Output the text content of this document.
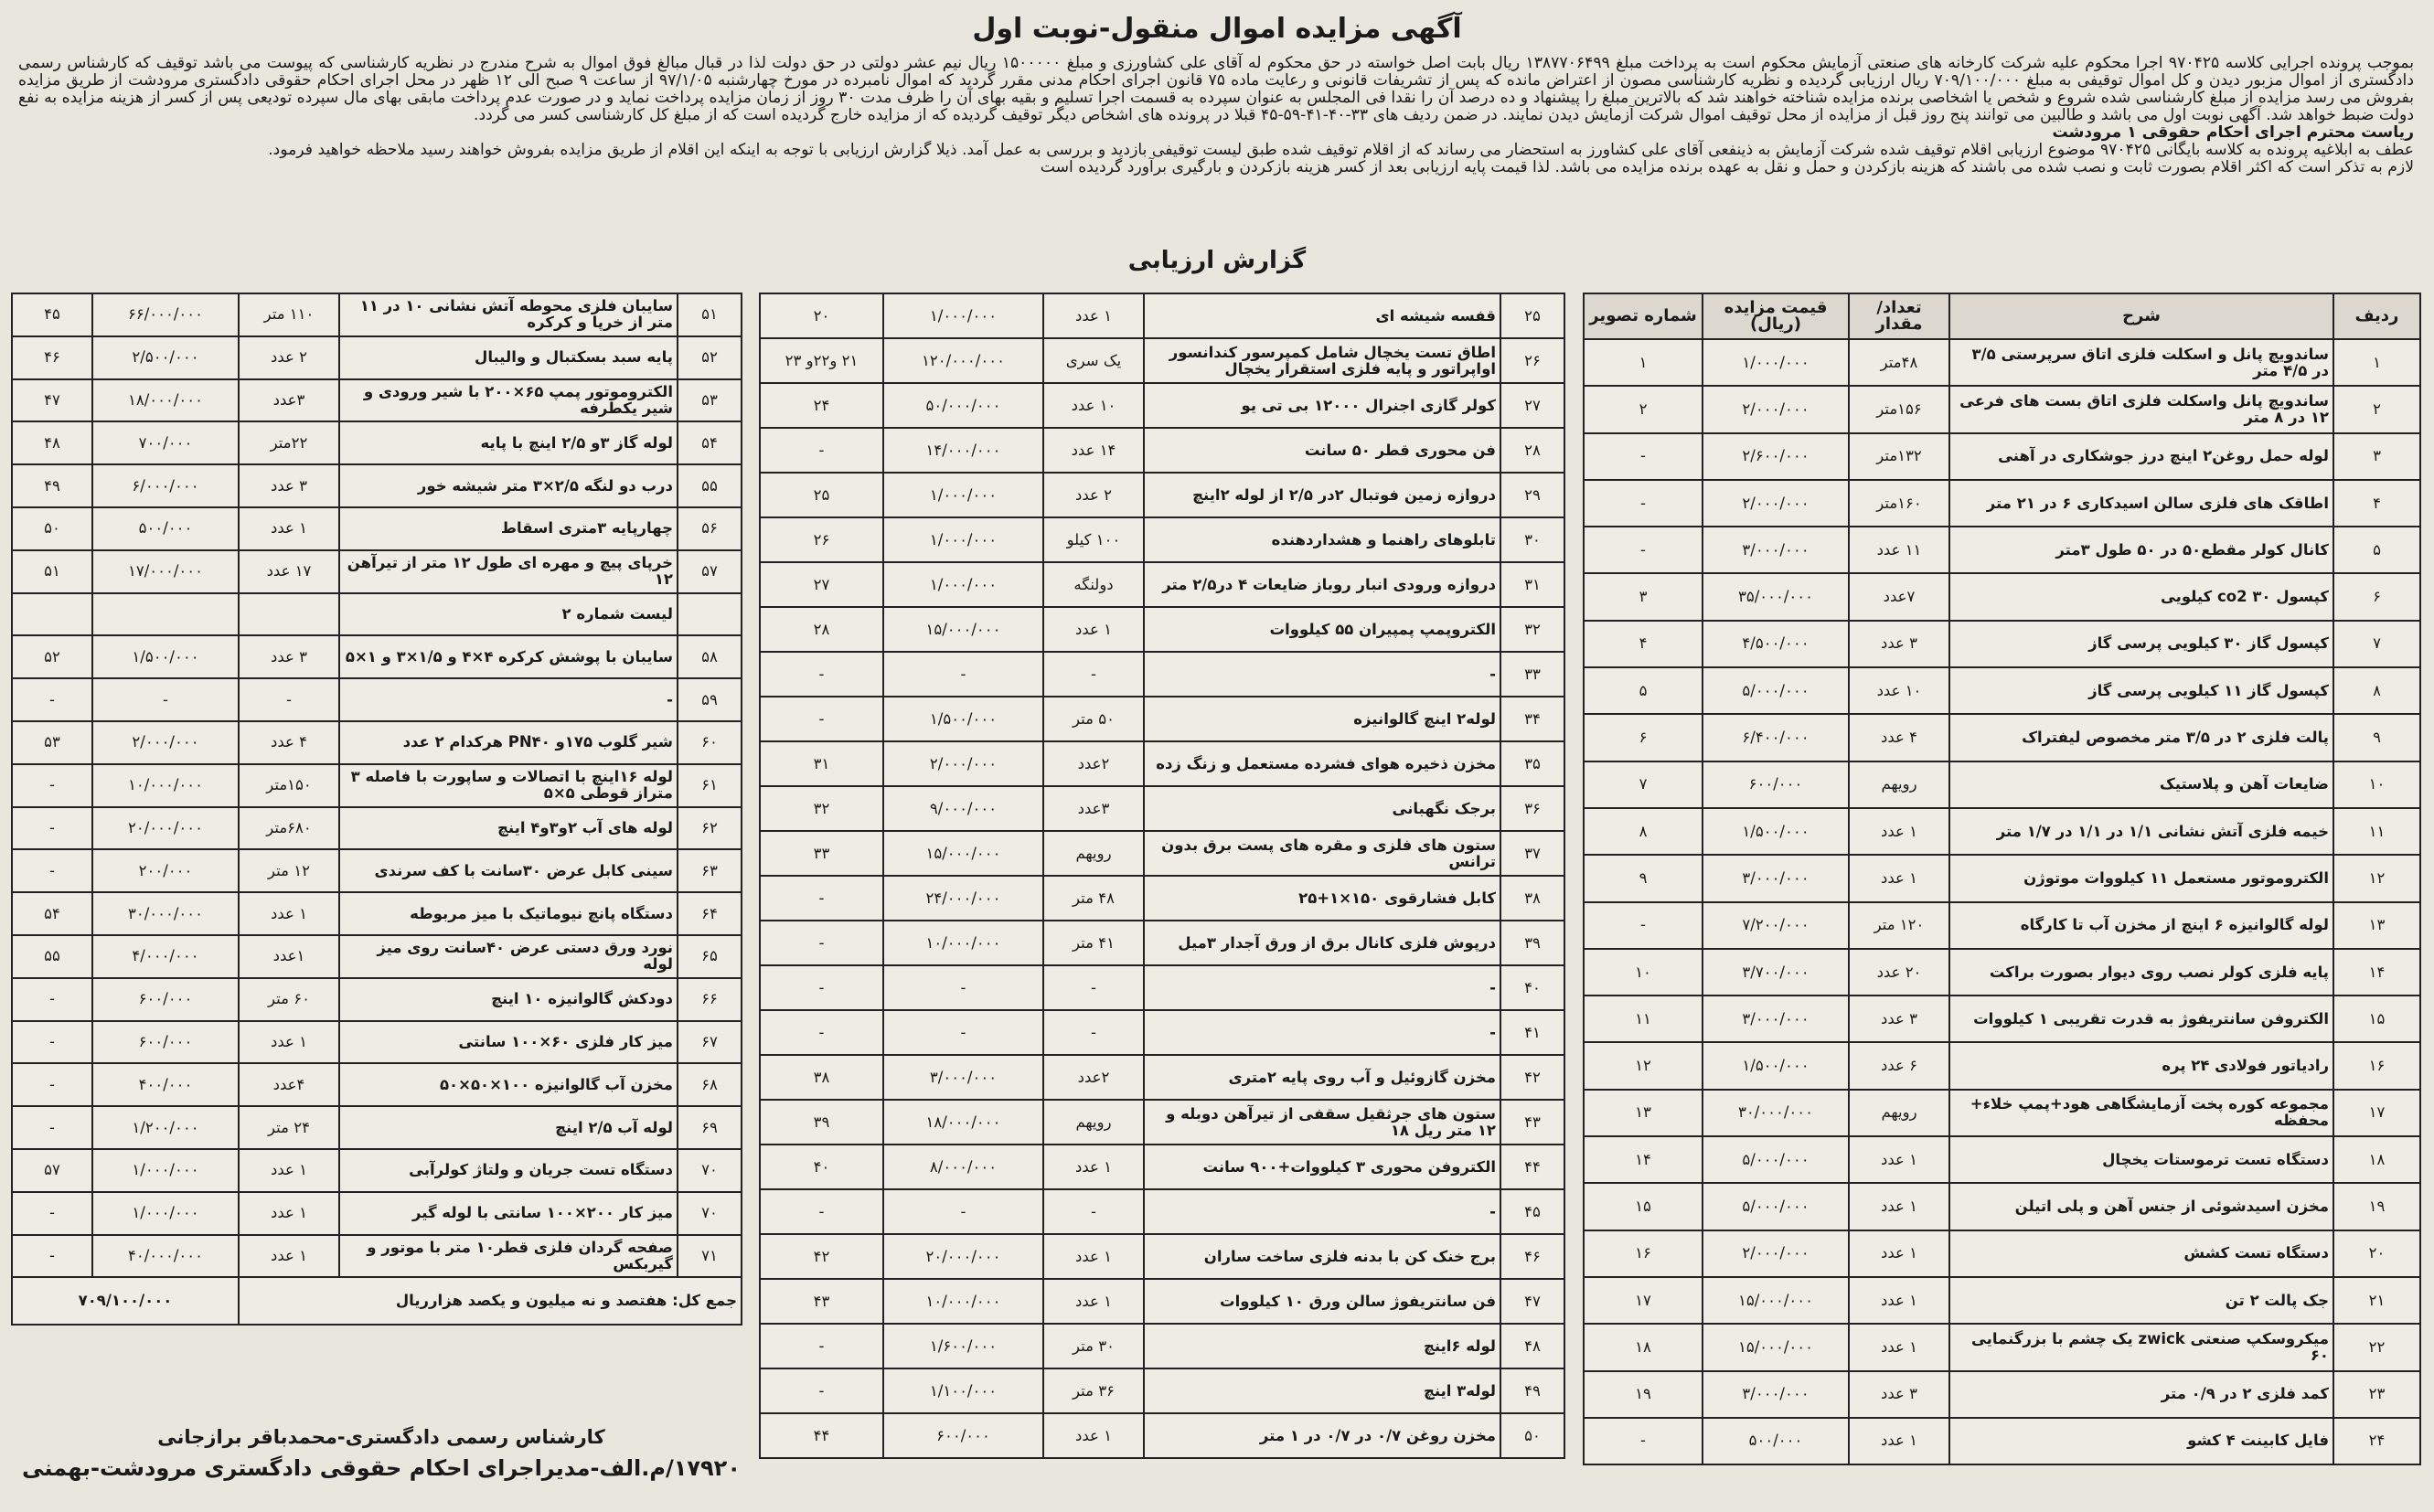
آگهی مزایده اموال منقول-نوبت اول

بموجب پرونده اجرایی کلاسه ۹۷۰۴۲۵ اجرا محکوم علیه شرکت کارخانه های صنعتی آزمایش محکوم است به پرداخت مبلغ ۱۳۸۷۷۰۶۴۹۹ ریال بابت اصل خواسته در حق محکوم له آقای علی کشاورزی و مبلغ ۱۵۰۰۰۰۰ ریال نیم عشر دولتی در حق دولت لذا در قبال مبالغ فوق اموال به شرح مندرج در نظریه کارشناسی که پیوست می باشد توقیف که کارشناس رسمی دادگستری از اموال مزبور دیدن و کل اموال توقیفی به مبلغ ۷۰۹/۱۰۰/۰۰۰ ریال ارزیابی گردیده و نظریه کارشناسی مصون از اعتراض مانده که پس از تشریفات قانونی و رعایت ماده ۷۵ قانون اجرای احکام مدنی مقرر گردید که اموال نامبرده در مورخ چهارشنبه ۹۷/۱/۰۵ از ساعت ۹ صبح الی ۱۲ ظهر در محل اجرای احکام حقوقی دادگستری مرودشت از طریق مزایده بفروش می رسد مزایده از مبلغ کارشناسی شده شروع و شخص یا اشخاصی برنده مزایده شناخته خواهند شد که بالاترین مبلغ را پیشنهاد و ده درصد آن را نقدا فی المجلس به عنوان سپرده به قسمت اجرا تسلیم و بقیه بهای آن را ظرف مدت ۳۰ روز از زمان مزایده پرداخت نماید و در صورت عدم پرداخت مابقی بهای مال سپرده تودیعی پس از کسر از هزینه مزایده به نفع دولت ضبط خواهد شد. آگهی نوبت اول می باشد و طالبین می توانند پنج روز قبل از مزایده از محل توقیف اموال شرکت آزمایش دیدن نمایند. در ضمن ردیف های ۳۳-۴۰-۴۱-۵۹-۴۵ قبلا در پرونده های اشخاص دیگر توقیف گردیده که از مزایده خارج گردیده است که از مبلغ کل کارشناسی کسر می گردد.

ریاست محترم اجرای احکام حقوقی ۱ مرودشت

عطف به ابلاغیه پرونده به کلاسه بایگانی ۹۷۰۴۲۵ موضوع ارزیابی اقلام توقیف شده شرکت آزمایش به ذینفعی آقای علی کشاورز به استحضار می رساند که از اقلام توقیف شده طبق لیست توقیفی بازدید و بررسی به عمل آمد. ذیلا گزارش ارزیابی با توجه به اینکه این اقلام از طریق مزایده بفروش خواهند رسید ملاحظه خواهید فرمود.

لازم به تذکر است که اکثر اقلام بصورت ثابت و نصب شده می باشند که هزینه بازکردن و حمل و نقل به عهده برنده مزایده می باشد. لذا قیمت پایه ارزیابی بعد از کسر هزینه بازکردن و بارگیری برآورد گردیده است

گزارش ارزیابی
ردیف	شرح	تعداد/ مقدار	قیمت مزایده (ریال)	شماره تصویر
۱	ساندویچ پانل و اسکلت فلزی اتاق سرپرستی ۳/۵ در ۴/۵ متر	۴۸متر	۱/۰۰۰/۰۰۰	۱
۲	ساندویچ پانل واسکلت فلزی اتاق بست های فرعی ۱۲ در ۸ متر	۱۵۶متر	۲/۰۰۰/۰۰۰	۲
۳	لوله حمل روغن۲ اینچ درز جوشکاری در آهنی	۱۳۲متر	۲/۶۰۰/۰۰۰	-
۴	اطاقک های فلزی سالن اسیدکاری ۶ در ۲۱ متر	۱۶۰متر	۲/۰۰۰/۰۰۰	-
۵	کانال کولر مقطع۵۰ در ۵۰ طول ۳متر	۱۱ عدد	۳/۰۰۰/۰۰۰	-
۶	کپسول co2 ۳۰ کیلویی	۷عدد	۳۵/۰۰۰/۰۰۰	۳
۷	کپسول گاز ۳۰ کیلویی پرسی گاز	۳ عدد	۴/۵۰۰/۰۰۰	۴
۸	کپسول گاز ۱۱ کیلویی پرسی گاز	۱۰ عدد	۵/۰۰۰/۰۰۰	۵
۹	پالت فلزی ۲ در ۳/۵ متر مخصوص لیفتراک	۴ عدد	۶/۴۰۰/۰۰۰	۶
۱۰	ضایعات آهن و پلاستیک	رویهم	۶۰۰/۰۰۰	۷
۱۱	خیمه فلزی آتش نشانی ۱/۱ در ۱/۱ در ۱/۷ متر	۱ عدد	۱/۵۰۰/۰۰۰	۸
۱۲	الکتروموتور مستعمل ۱۱ کیلووات موتوژن	۱ عدد	۳/۰۰۰/۰۰۰	۹
۱۳	لوله گالوانیزه ۶ اینچ از مخزن آب تا کارگاه	۱۲۰ متر	۷/۲۰۰/۰۰۰	-
۱۴	پایه فلزی کولر نصب روی دیوار بصورت براکت	۲۰ عدد	۳/۷۰۰/۰۰۰	۱۰
۱۵	الکتروفن سانتریفوژ به قدرت تقریبی ۱ کیلووات	۳ عدد	۳/۰۰۰/۰۰۰	۱۱
۱۶	رادیاتور فولادی ۲۴ پره	۶ عدد	۱/۵۰۰/۰۰۰	۱۲
۱۷	مجموعه کوره پخت آزمایشگاهی هود+پمپ خلاء+ محفظه	رویهم	۳۰/۰۰۰/۰۰۰	۱۳
۱۸	دستگاه تست ترموستات یخچال	۱ عدد	۵/۰۰۰/۰۰۰	۱۴
۱۹	مخزن اسیدشوئی از جنس آهن و پلی اتیلن	۱ عدد	۵/۰۰۰/۰۰۰	۱۵
۲۰	دستگاه تست کشش	۱ عدد	۲/۰۰۰/۰۰۰	۱۶
۲۱	جک پالت ۲ تن	۱ عدد	۱۵/۰۰۰/۰۰۰	۱۷
۲۲	میکروسکپ صنعتی zwick یک چشم با بزرگنمایی ۶۰	۱ عدد	۱۵/۰۰۰/۰۰۰	۱۸
۲۳	کمد فلزی ۲ در ۰/۹ متر	۳ عدد	۳/۰۰۰/۰۰۰	۱۹
۲۴	فایل کابینت ۴ کشو	۱ عدد	۵۰۰/۰۰۰	-
۲۵	قفسه شیشه ای	۱ عدد	۱/۰۰۰/۰۰۰	۲۰
۲۶	اطاق تست یخچال شامل کمپرسور کندانسور اواپراتور و پایه فلزی استقرار یخچال	یک سری	۱۲۰/۰۰۰/۰۰۰	۲۱ و۲۲و ۲۳
۲۷	کولر گازی اجنرال ۱۲۰۰۰ بی تی یو	۱۰ عدد	۵۰/۰۰۰/۰۰۰	۲۴
۲۸	فن محوری قطر ۵۰ سانت	۱۴ عدد	۱۴/۰۰۰/۰۰۰	-
۲۹	دروازه زمین فوتبال ۲در ۲/۵ از لوله ۲اینچ	۲ عدد	۱/۰۰۰/۰۰۰	۲۵
۳۰	تابلوهای راهنما و هشداردهنده	۱۰۰ کیلو	۱/۰۰۰/۰۰۰	۲۶
۳۱	دروازه ورودی انبار روباز ضایعات ۴ در۲/۵ متر	دولنگه	۱/۰۰۰/۰۰۰	۲۷
۳۲	الکتروپمپ پمپیران ۵۵ کیلووات	۱ عدد	۱۵/۰۰۰/۰۰۰	۲۸
۳۳	-	-	-	-
۳۴	لوله۲ اینچ گالوانیزه	۵۰ متر	۱/۵۰۰/۰۰۰	-
۳۵	مخزن ذخیره هوای فشرده مستعمل و زنگ زده	۲عدد	۲/۰۰۰/۰۰۰	۳۱
۳۶	برجک نگهبانی	۳عدد	۹/۰۰۰/۰۰۰	۳۲
۳۷	ستون های فلزی و مقره های پست برق بدون ترانس	رویهم	۱۵/۰۰۰/۰۰۰	۳۳
۳۸	کابل فشارقوی ۱۵۰×۱+۲۵	۴۸ متر	۲۴/۰۰۰/۰۰۰	-
۳۹	درپوش فلزی کانال برق از ورق آجدار ۳میل	۴۱ متر	۱۰/۰۰۰/۰۰۰	-
۴۰	-	-	-	-
۴۱	-	-	-	-
۴۲	مخزن گازوئیل و آب روی پایه ۲متری	۲عدد	۳/۰۰۰/۰۰۰	۳۸
۴۳	ستون های جرثقیل سقفی از تیرآهن دوبله و ۱۲ متر ریل ۱۸	رویهم	۱۸/۰۰۰/۰۰۰	۳۹
۴۴	الکتروفن محوری ۳ کیلووات+۹۰۰ سانت	۱ عدد	۸/۰۰۰/۰۰۰	۴۰
۴۵	-	-	-	-
۴۶	برج خنک کن با بدنه فلزی ساخت ساران	۱ عدد	۲۰/۰۰۰/۰۰۰	۴۲
۴۷	فن سانتریفوژ سالن ورق ۱۰ کیلووات	۱ عدد	۱۰/۰۰۰/۰۰۰	۴۳
۴۸	لوله ۶اینچ	۳۰ متر	۱/۶۰۰/۰۰۰	-
۴۹	لوله۳ اینچ	۳۶ متر	۱/۱۰۰/۰۰۰	-
۵۰	مخزن روغن ۰/۷ در ۰/۷ در ۱ متر	۱ عدد	۶۰۰/۰۰۰	۴۴
۵۱	سایبان فلزی محوطه آتش نشانی ۱۰ در ۱۱ متر از خرپا و کرکره	۱۱۰ متر	۶۶/۰۰۰/۰۰۰	۴۵
۵۲	پایه سبد بسکتبال و والیبال	۲ عدد	۲/۵۰۰/۰۰۰	۴۶
۵۳	الکتروموتور پمپ ۶۵×۲۰۰ با شیر ورودی و شیر یکطرفه	۳عدد	۱۸/۰۰۰/۰۰۰	۴۷
۵۴	لوله گاز ۳و ۲/۵ اینچ با پایه	۲۲متر	۷۰۰/۰۰۰	۴۸
۵۵	درب دو لنگه ۲/۵×۳ متر شیشه خور	۳ عدد	۶/۰۰۰/۰۰۰	۴۹
۵۶	چهارپایه ۳متری اسقاط	۱ عدد	۵۰۰/۰۰۰	۵۰
۵۷	خرپای پیچ و مهره ای طول ۱۲ متر از تیرآهن ۱۲	۱۷ عدد	۱۷/۰۰۰/۰۰۰	۵۱
	لیست شماره ۲			
۵۸	سایبان با پوشش کرکره ۴×۴ و ۱/۵×۳ و ۱×۵	۳ عدد	۱/۵۰۰/۰۰۰	۵۲
۵۹	-	-	-	-
۶۰	شیر گلوب ۱۷۵و PN۴۰ هرکدام ۲ عدد	۴ عدد	۲/۰۰۰/۰۰۰	۵۳
۶۱	لوله ۱۶اینچ با اتصالات و ساپورت با فاصله ۳ متراز قوطی ۵×۵	۱۵۰متر	۱۰/۰۰۰/۰۰۰	-
۶۲	لوله های آب ۲و۳و۴ اینچ	۶۸۰متر	۲۰/۰۰۰/۰۰۰	-
۶۳	سینی کابل عرض ۳۰سانت با کف سرندی	۱۲ متر	۲۰۰/۰۰۰	-
۶۴	دستگاه پانچ نیوماتیک با میز مربوطه	۱ عدد	۳۰/۰۰۰/۰۰۰	۵۴
۶۵	نورد ورق دستی عرض ۴۰سانت روی میز لوله	۱عدد	۴/۰۰۰/۰۰۰	۵۵
۶۶	دودکش گالوانیزه ۱۰ اینچ	۶۰ متر	۶۰۰/۰۰۰	-
۶۷	میز کار فلزی ۶۰×۱۰۰ سانتی	۱ عدد	۶۰۰/۰۰۰	-
۶۸	مخزن آب گالوانیزه ۱۰۰×۵۰×۵۰	۴عدد	۴۰۰/۰۰۰	-
۶۹	لوله آب ۲/۵ اینچ	۲۴ متر	۱/۲۰۰/۰۰۰	-
۷۰	دستگاه تست جریان و ولتاژ کولرآبی	۱ عدد	۱/۰۰۰/۰۰۰	۵۷
۷۰	میز کار ۲۰۰×۱۰۰ سانتی با لوله گیر	۱ عدد	۱/۰۰۰/۰۰۰	-
۷۱	صفحه گردان فلزی قطر۱۰ متر با موتور و گیربکس	۱ عدد	۴۰/۰۰۰/۰۰۰	-
جمع کل: هفتصد و نه میلیون و یکصد هزارریال			۷۰۹/۱۰۰/۰۰۰	
کارشناس رسمی دادگستری-محمدباقر برازجانی
۱۷۹۲۰/م.الف-مدیراجرای احکام حقوقی دادگستری مرودشت-بهمنی
